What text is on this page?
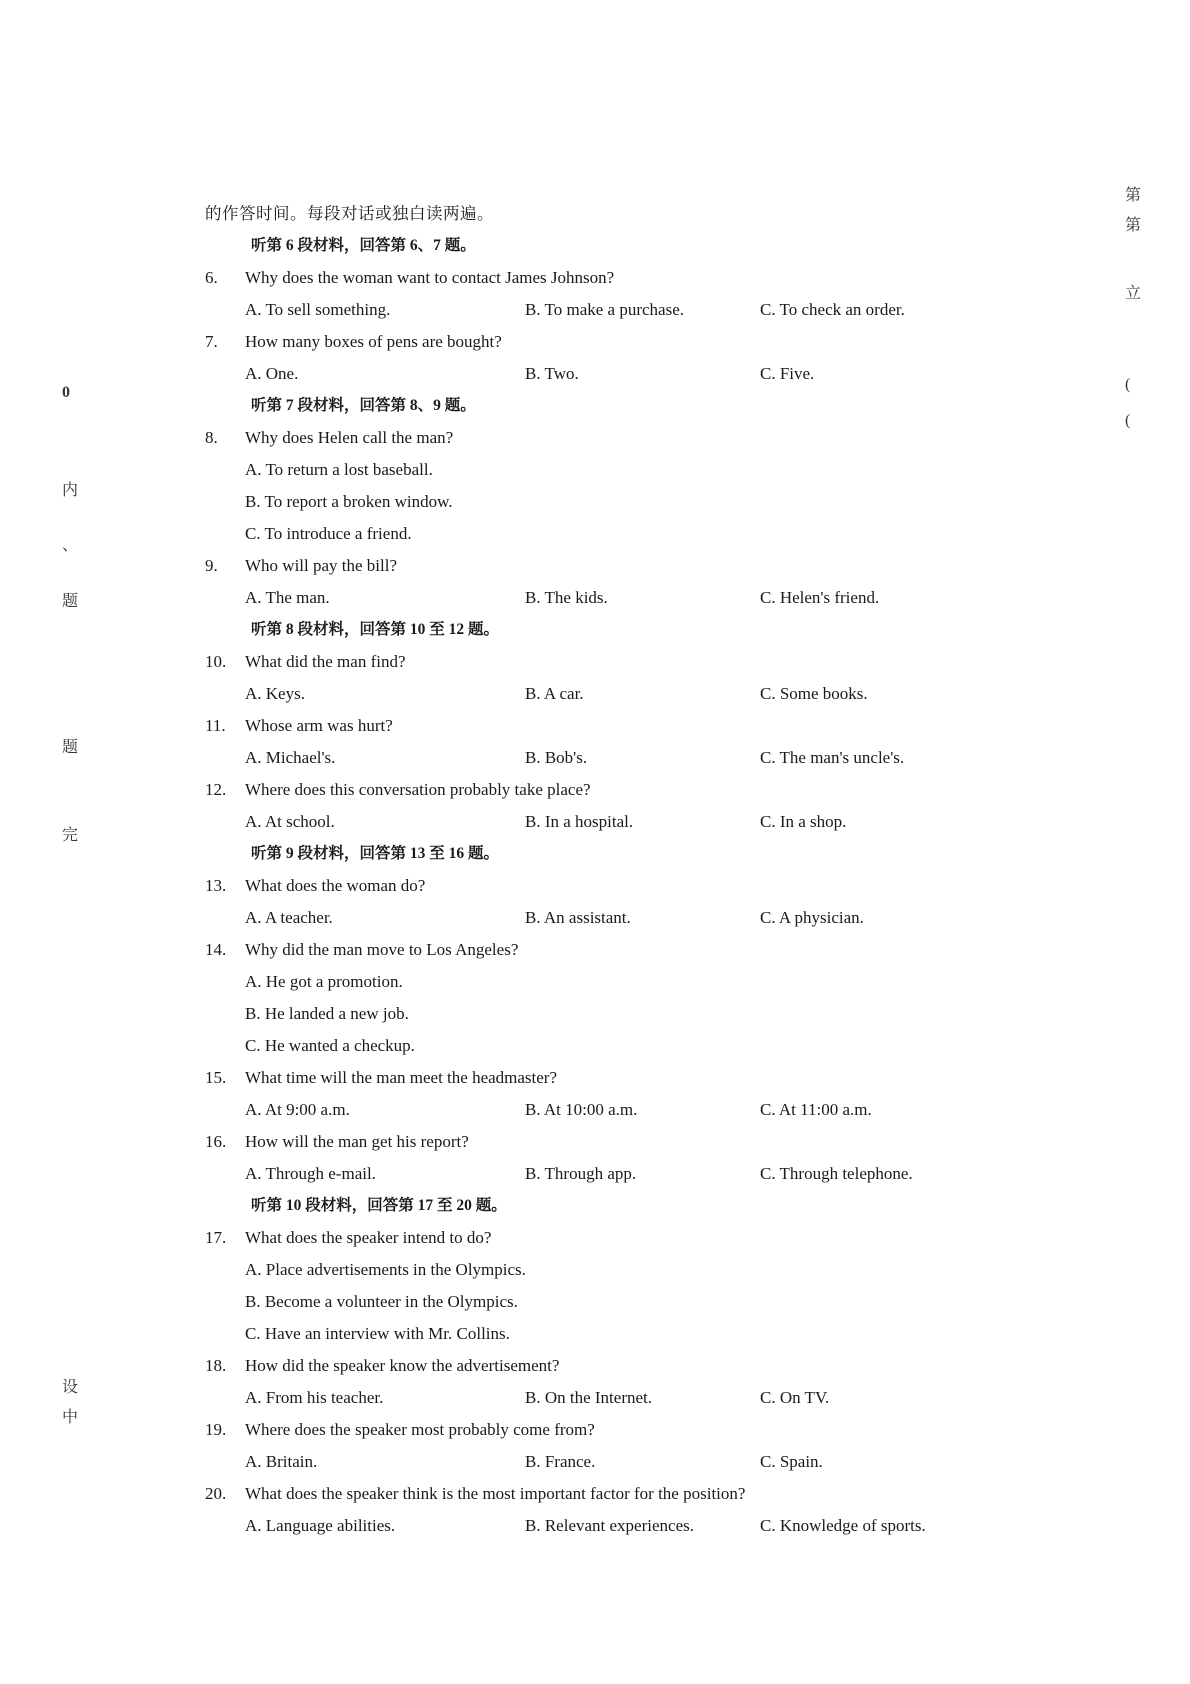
0
内
、
题
题
完
设
中
第
第
立
(
(
的作答时间。每段对话或独白读两遍。
听第 6 段材料，回答第 6、7 题。
6. Why does the woman want to contact James Johnson?
A. To sell something.	B. To make a purchase.	C. To check an order.
7. How many boxes of pens are bought?
A. One.	B. Two.	C. Five.
听第 7 段材料，回答第 8、9 题。
8. Why does Helen call the man?
A. To return a lost baseball.
B. To report a broken window.
C. To introduce a friend.
9. Who will pay the bill?
A. The man.	B. The kids.	C. Helen's friend.
听第 8 段材料，回答第 10 至 12 题。
10. What did the man find?
A. Keys.	B. A car.	C. Some books.
11. Whose arm was hurt?
A. Michael's.	B. Bob's.	C. The man's uncle's.
12. Where does this conversation probably take place?
A. At school.	B. In a hospital.	C. In a shop.
听第 9 段材料，回答第 13 至 16 题。
13. What does the woman do?
A. A teacher.	B. An assistant.	C. A physician.
14. Why did the man move to Los Angeles?
A. He got a promotion.
B. He landed a new job.
C. He wanted a checkup.
15. What time will the man meet the headmaster?
A. At 9:00 a.m.	B. At 10:00 a.m.	C. At 11:00 a.m.
16. How will the man get his report?
A. Through e-mail.	B. Through app.	C. Through telephone.
听第 10 段材料，回答第 17 至 20 题。
17. What does the speaker intend to do?
A. Place advertisements in the Olympics.
B. Become a volunteer in the Olympics.
C. Have an interview with Mr. Collins.
18. How did the speaker know the advertisement?
A. From his teacher.	B. On the Internet.	C. On TV.
19. Where does the speaker most probably come from?
A. Britain.	B. France.	C. Spain.
20. What does the speaker think is the most important factor for the position?
A. Language abilities.	B. Relevant experiences.	C. Knowledge of sports.
